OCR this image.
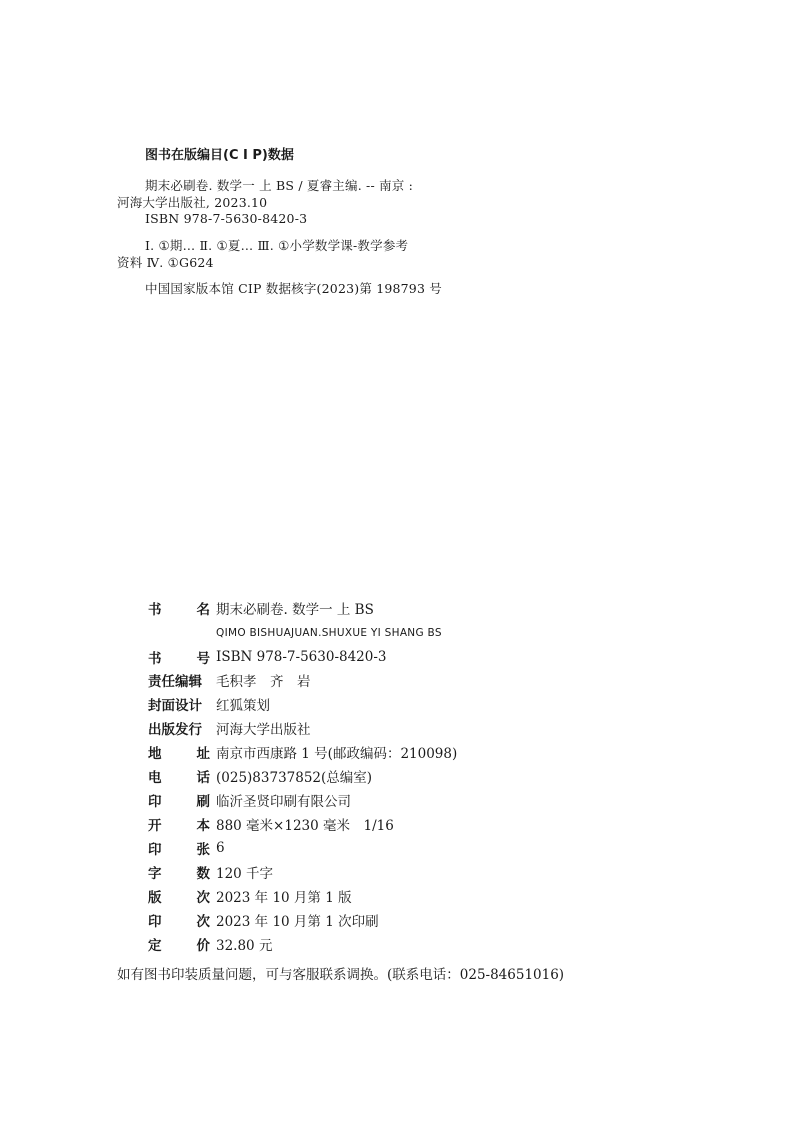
图书在版编目(C I P)数据
期末必刷卷. 数学一 上 BS / 夏睿主编. -- 南京 :
河海大学出版社, 2023.10
ISBN 978-7-5630-8420-3
Ⅰ. ①期… Ⅱ. ①夏… Ⅲ. ①小学数学课-教学参考
资料 Ⅳ. ①G624
中国国家版本馆 CIP 数据核字(2023)第 198793 号
书	名 期末必刷卷. 数学一 上 BS
QIMO BISHUAJUAN.SHUXUE YI SHANG BS
书	号 ISBN 978-7-5630-8420-3
责任编辑	毛积孝　齐　岩
封面设计	红狐策划
出版发行	河海大学出版社
地	址 南京市西康路 1 号(邮政编码：210098)
电	话 (025)83737852(总编室)
印	刷 临沂圣贤印刷有限公司
开	本 880 毫米×1230 毫米　1/16
印	张 6
字	数 120 千字
版	次 2023 年 10 月第 1 版
印	次 2023 年 10 月第 1 次印刷
定	价 32.80 元
如有图书印装质量问题，可与客服联系调换。(联系电话：025-84651016)
